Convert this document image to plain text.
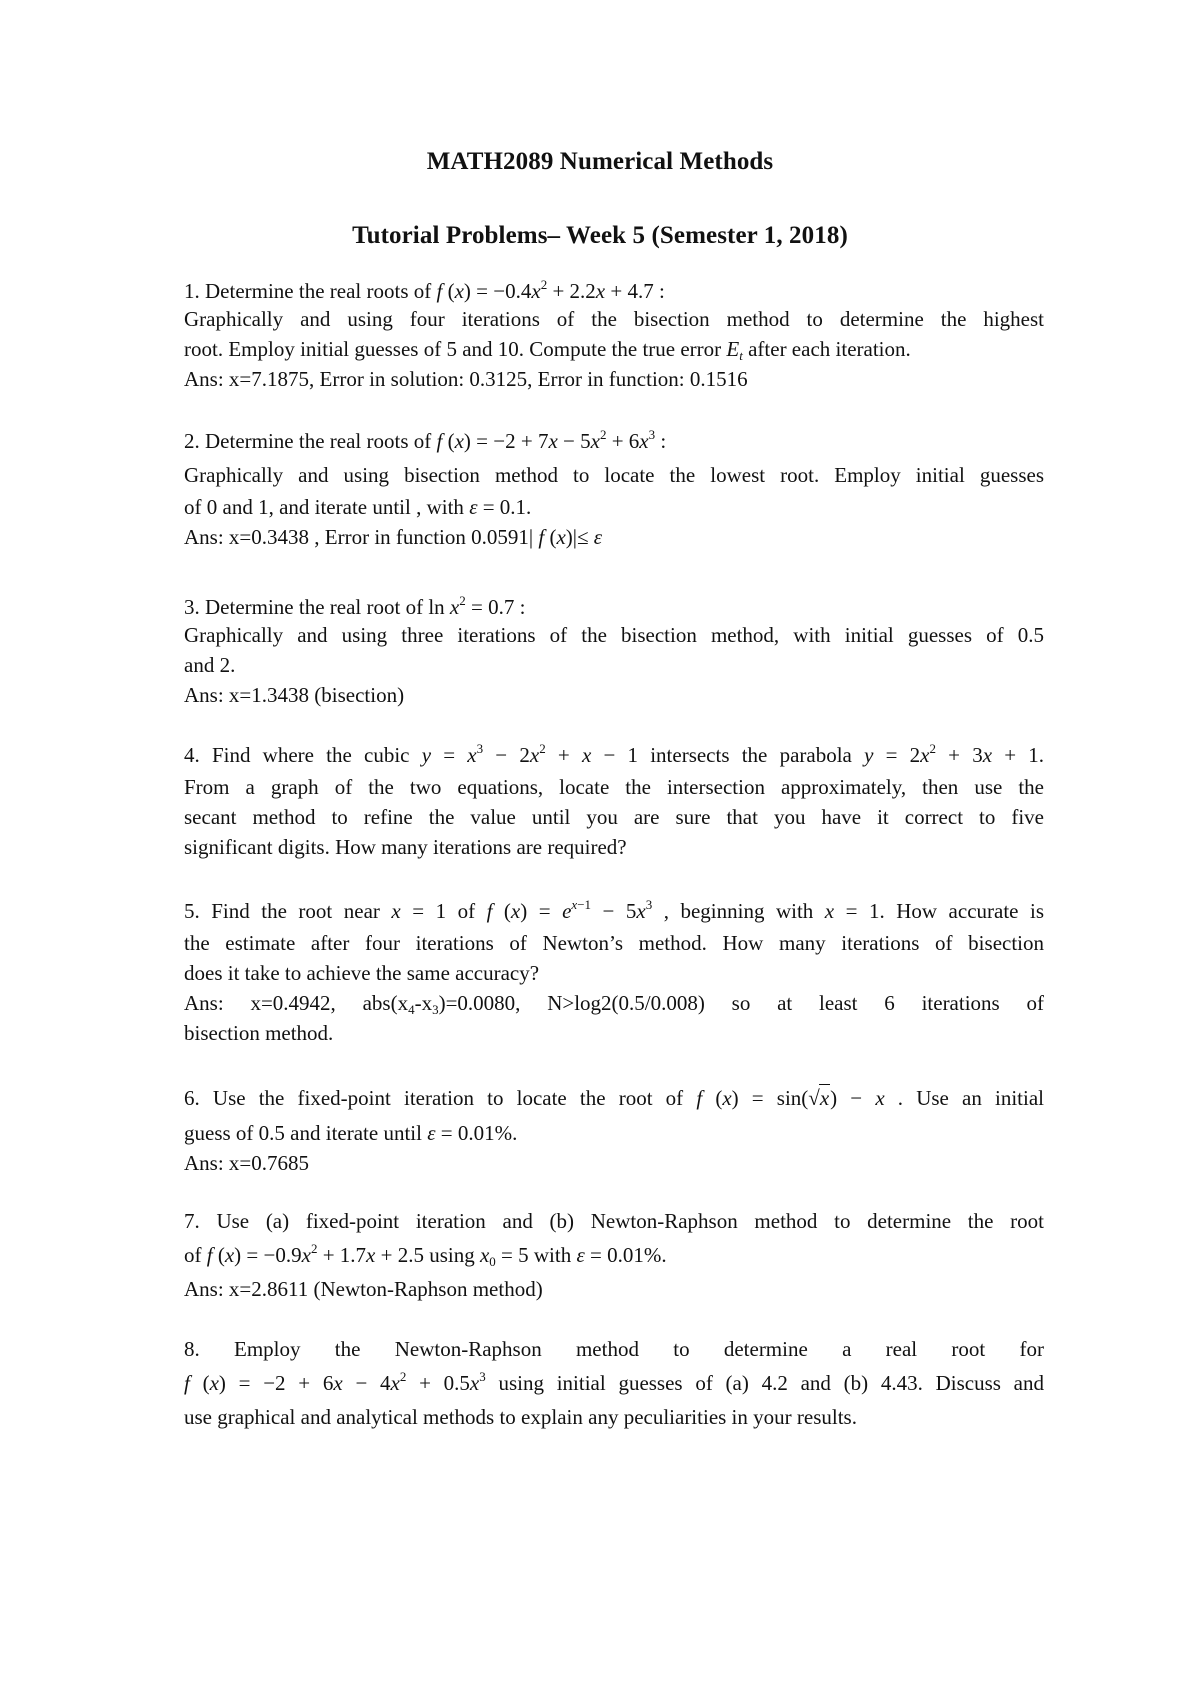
MATH2089 Numerical Methods
Tutorial Problems– Week 5 (Semester 1, 2018)
1. Determine the real roots of f $(x) = -0.4x^2 + 2.2x + 4.7$ :
Graphically and using four iterations of the bisection method to determine the highest
root. Employ initial guesses of 5 and 10. Compute the true error $E_t$ after each iteration.
Ans: x=7.1875, Error in solution: 0.3125, Error in function: 0.1516
2. Determine the real roots of f $(x) = -2 + 7x - 5x^2 + 6x^3$ :
Graphically and using bisection method to locate the lowest root. Employ initial guesses
of 0 and 1, and iterate until , with ε = 0.1.
Ans: x=0.3438 , Error in function 0.0591| f (x)|≤ ε
3. Determine the real root of $\ln x^2 = 0.7$ :
Graphically and using three iterations of the bisection method, with initial guesses of 0.5
and 2.
Ans: x=1.3438 (bisection)
4. Find where the cubic $y = x^3 - 2x^2 + x - 1$ intersects the parabola $y = 2x^2 + 3x + 1$.
From a graph of the two equations, locate the intersection approximately, then use the
secant method to refine the value until you are sure that you have it correct to five
significant digits. How many iterations are required?
5. Find the root near x = 1 of f $(x) = e^{x-1} - 5x^3$ , beginning with x = 1. How accurate is
the estimate after four iterations of Newton’s method. How many iterations of bisection
does it take to achieve the same accuracy?
Ans: x=0.4942, $abs(x_4-x_3)=0.0080$, N>log2(0.5/0.008) so at least 6 iterations of
bisection method.
6. Use the fixed-point iteration to locate the root of f (x) = sin(√x) − x . Use an initial
guess of 0.5 and iterate until ε = 0.01%.
Ans: x=0.7685
7. Use (a) fixed-point iteration and (b) Newton-Raphson method to determine the root
of f $(x) = -0.9x^2 + 1.7x + 2.5$ using $x_0 = 5$ with ε = 0.01%.
Ans: x=2.8611 (Newton-Raphson method)
8. Employ the Newton-Raphson method to determine a real root for
f $(x) = -2 + 6x - 4x^2 + 0.5x^3$ using initial guesses of (a) 4.2 and (b) 4.43. Discuss and
use graphical and analytical methods to explain any peculiarities in your results.
